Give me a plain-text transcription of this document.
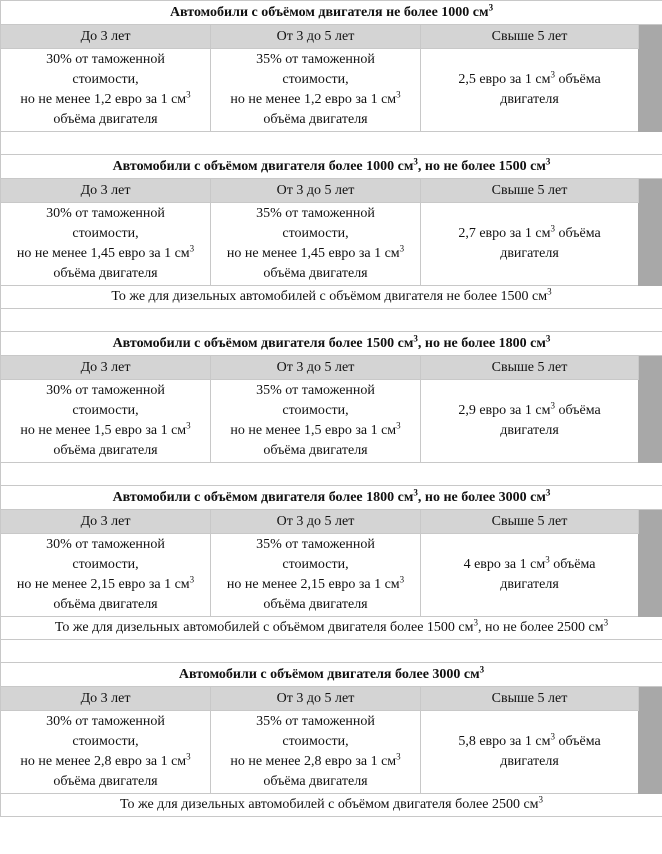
Автомобили с объёмом двигателя не более 1000 $см^3$
До 3 лет	От 3 до 5 лет	Свыше 5 лет	
30% от таможенной
стоимости,
но не менее 1,2 евро за 1 $см^3$
объёма двигателя	35% от таможенной
стоимости,
но не менее 1,2 евро за 1 $см^3$
объёма двигателя	2,5 евро за 1 $см^3$ объёма
двигателя	

Автомобили с объёмом двигателя более 1000 $см^3$, но не более 1500 $см^3$
До 3 лет	От 3 до 5 лет	Свыше 5 лет	
30% от таможенной
стоимости,
но не менее 1,45 евро за 1 $см^3$
объёма двигателя	35% от таможенной
стоимости,
но не менее 1,45 евро за 1 $см^3$
объёма двигателя	2,7 евро за 1 $см^3$ объёма
двигателя	
То же для дизельных автомобилей с объёмом двигателя не более 1500 $см^3$

Автомобили с объёмом двигателя более 1500 $см^3$, но не более 1800 $см^3$
До 3 лет	От 3 до 5 лет	Свыше 5 лет	
30% от таможенной
стоимости,
но не менее 1,5 евро за 1 $см^3$
объёма двигателя	35% от таможенной
стоимости,
но не менее 1,5 евро за 1 $см^3$
объёма двигателя	2,9 евро за 1 $см^3$ объёма
двигателя	

Автомобили с объёмом двигателя более 1800 $см^3$, но не более 3000 $см^3$
До 3 лет	От 3 до 5 лет	Свыше 5 лет	
30% от таможенной
стоимости,
но не менее 2,15 евро за 1 $см^3$
объёма двигателя	35% от таможенной
стоимости,
но не менее 2,15 евро за 1 $см^3$
объёма двигателя	4 евро за 1 $см^3$ объёма
двигателя	
То же для дизельных автомобилей с объёмом двигателя более 1500 $см^3$, но не более 2500 $см^3$

Автомобили с объёмом двигателя более 3000 $см^3$
До 3 лет	От 3 до 5 лет	Свыше 5 лет	
30% от таможенной
стоимости,
но не менее 2,8 евро за 1 $см^3$
объёма двигателя	35% от таможенной
стоимости,
но не менее 2,8 евро за 1 $см^3$
объёма двигателя	5,8 евро за 1 $см^3$ объёма
двигателя	
То же для дизельных автомобилей с объёмом двигателя более 2500 $см^3$
